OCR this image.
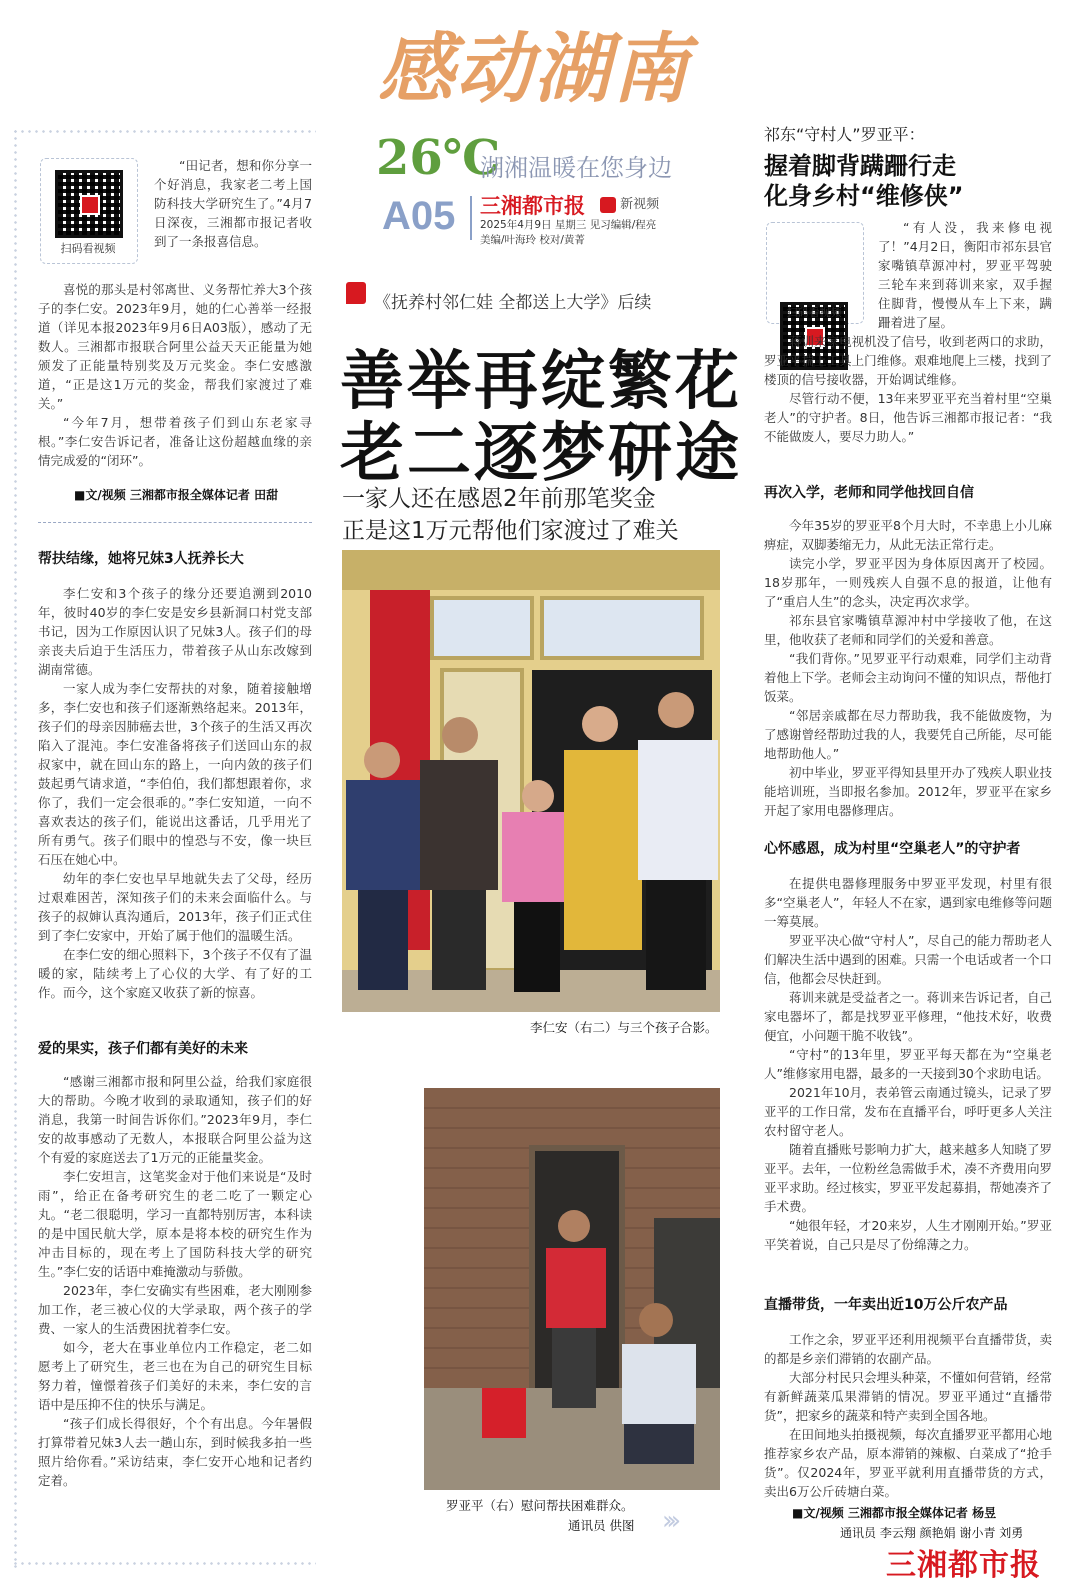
感动湖南
26℃
湖湘温暖在您身边
A05 三湘都市报	新视频
2025年4月9日 星期三 见习编辑/程亮
美编/叶海玲 校对/黄菁
扫码看视频

“田记者，想和你分享一个好消息，我家老二考上国防科技大学研究生了。”4月7日深夜，三湘都市报记者收到了一条报喜信息。

喜悦的那头是村邻离世、义务帮忙养大3个孩子的李仁安。2023年9月，她的仁心善举一经报道（详见本报2023年9月6日A03版），感动了无数人。三湘都市报联合阿里公益天天正能量为她颁发了正能量特别奖及万元奖金。李仁安感激道，“正是这1万元的奖金，帮我们家渡过了难关。”

“今年7月，想带着孩子们到山东老家寻根。”李仁安告诉记者，准备让这份超越血缘的亲情完成爱的“闭环”。

■文/视频 三湘都市报全媒体记者 田甜
帮扶结缘，她将兄妹3人抚养长大

李仁安和3个孩子的缘分还要追溯到2010年，彼时40岁的李仁安是安乡县新洞口村党支部书记，因为工作原因认识了兄妹3人。孩子们的母亲丧夫后迫于生活压力，带着孩子从山东改嫁到湖南常德。

一家人成为李仁安帮扶的对象，随着接触增多，李仁安也和孩子们逐渐熟络起来。2013年，孩子们的母亲因肺癌去世，3个孩子的生活又再次陷入了混沌。李仁安准备将孩子们送回山东的叔叔家中，就在回山东的路上，一向内敛的孩子们鼓起勇气请求道，“李伯伯，我们都想跟着你，求你了，我们一定会很乖的。”李仁安知道，一向不喜欢表达的孩子们，能说出这番话，几乎用光了所有勇气。孩子们眼中的惶恐与不安，像一块巨石压在她心中。

幼年的李仁安也早早地就失去了父母，经历过艰难困苦，深知孩子们的未来会面临什么。与孩子的叔婶认真沟通后，2013年，孩子们正式住到了李仁安家中，开始了属于他们的温暖生活。

在李仁安的细心照料下，3个孩子不仅有了温暖的家，陆续考上了心仪的大学、有了好的工作。而今，这个家庭又收获了新的惊喜。

爱的果实，孩子们都有美好的未来

“感谢三湘都市报和阿里公益，给我们家庭很大的帮助。今晚才收到的录取通知，孩子们的好消息，我第一时间告诉你们。”2023年9月，李仁安的故事感动了无数人，本报联合阿里公益为这个有爱的家庭送去了1万元的正能量奖金。

李仁安坦言，这笔奖金对于他们来说是“及时雨”，给正在备考研究生的老二吃了一颗定心丸。“老二很聪明，学习一直都特别厉害，本科读的是中国民航大学，原本是将本校的研究生作为冲击目标的，现在考上了国防科技大学的研究生。”李仁安的话语中难掩激动与骄傲。

2023年，李仁安确实有些困难，老大刚刚参加工作，老三被心仪的大学录取，两个孩子的学费、一家人的生活费困扰着李仁安。

如今，老大在事业单位内工作稳定，老二如愿考上了研究生，老三也在为自己的研究生目标努力着，憧憬着孩子们美好的未来，李仁安的言语中是压抑不住的快乐与满足。

“孩子们成长得很好，个个有出息。今年暑假打算带着兄妹3人去一趟山东，到时候我多拍一些照片给你看。”采访结束，李仁安开心地和记者约定着。

《抚养村邻仁娃 全都送上大学》后续
善举再绽繁花
老二逐梦研途
一家人还在感恩2年前那笔奖金
正是这1万元帮他们家渡过了难关
李仁安（右二）与三个孩子合影。
罗亚平（右）慰问帮扶困难群众。
通讯员 供图 ›››
祁东“守村人”罗亚平：
握着脚背蹒跚行走
化身乡村“维修侠”
扫码看视频

“有人没，我来修电视了！”4月2日，衡阳市祁东县官家嘴镇草源冲村，罗亚平驾驶三轮车来到蒋训来家，双手握住脚背，慢慢从车上下来，蹒跚着进了屋。

蒋训来家电视机没了信号，收到老两口的求助，罗亚平揣上工具上门维修。艰难地爬上三楼，找到了楼顶的信号接收器，开始调试维修。

尽管行动不便，13年来罗亚平充当着村里“空巢老人”的守护者。8日，他告诉三湘都市报记者：“我不能做废人，要尽力助人。”

再次入学，老师和同学他找回自信

今年35岁的罗亚平8个月大时，不幸患上小儿麻痹症，双脚萎缩无力，从此无法正常行走。

读完小学，罗亚平因为身体原因离开了校园。18岁那年，一则残疾人自强不息的报道，让他有了“重启人生”的念头，决定再次求学。

祁东县官家嘴镇草源冲村中学接收了他，在这里，他收获了老师和同学们的关爱和善意。

“我们背你。”见罗亚平行动艰难，同学们主动背着他上下学。老师会主动询问不懂的知识点，帮他打饭菜。

“邻居亲戚都在尽力帮助我，我不能做废物，为了感谢曾经帮助过我的人，我要凭自己所能，尽可能地帮助他人。”

初中毕业，罗亚平得知县里开办了残疾人职业技能培训班，当即报名参加。2012年，罗亚平在家乡开起了家用电器修理店。

心怀感恩，成为村里“空巢老人”的守护者

在提供电器修理服务中罗亚平发现，村里有很多“空巢老人”，年轻人不在家，遇到家电维修等问题一筹莫展。

罗亚平决心做“守村人”，尽自己的能力帮助老人们解决生活中遇到的困难。只需一个电话或者一个口信，他都会尽快赶到。

蒋训来就是受益者之一。蒋训来告诉记者，自己家电器坏了，都是找罗亚平修理，“他技术好，收费便宜，小问题干脆不收钱”。

“守村”的13年里，罗亚平每天都在为“空巢老人”维修家用电器，最多的一天接到30个求助电话。

2021年10月，表弟管云南通过镜头，记录了罗亚平的工作日常，发布在直播平台，呼吁更多人关注农村留守老人。

随着直播账号影响力扩大，越来越多人知晓了罗亚平。去年，一位粉丝急需做手术，凑不齐费用向罗亚平求助。经过核实，罗亚平发起募捐，帮她凑齐了手术费。

“她很年轻，才20来岁，人生才刚刚开始。”罗亚平笑着说，自己只是尽了份绵薄之力。

直播带货，一年卖出近10万公斤农产品

工作之余，罗亚平还利用视频平台直播带货，卖的都是乡亲们滞销的农副产品。

大部分村民只会埋头种菜，不懂如何营销，经常有新鲜蔬菜瓜果滞销的情况。罗亚平通过“直播带货”，把家乡的蔬菜和特产卖到全国各地。

在田间地头拍摄视频，每次直播罗亚平都用心地推荐家乡农产品，原本滞销的辣椒、白菜成了“抢手货”。仅2024年，罗亚平就利用直播带货的方式，卖出6万公斤砖塘白菜。

■文/视频 三湘都市报全媒体记者 杨昱
通讯员 李云翔 颜艳娟 谢小青 刘勇
三湘都市报
